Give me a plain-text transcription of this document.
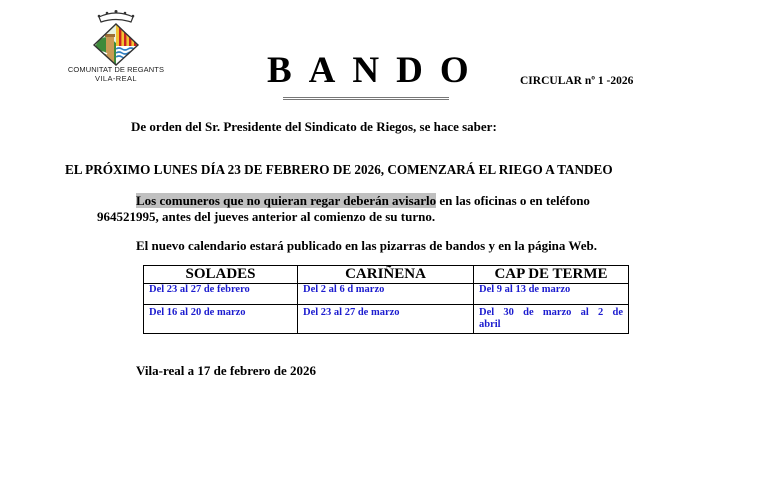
COMUNITAT DE REGANTS
VILA-REAL	BANDO	CIRCULAR nº 1 -2026
De orden del Sr. Presidente del Sindicato de Riegos, se hace saber:
EL PRÓXIMO LUNES DÍA 23 DE FEBRERO DE 2026, COMENZARÁ EL RIEGO A TANDEO
Los comuneros que no quieran regar deberán avisarlo en las oficinas o en teléfono
964521995, antes del jueves anterior al comienzo de su turno.
El nuevo calendario estará publicado en las pizarras de bandos y en la página Web.
SOLADES	CARIÑENA	CAP DE TERME
Del 23 al 27 de febrero	Del 2 al 6 d marzo	Del 9 al 13 de marzo
Del 16 al 20 de marzo	Del 23 al 27 de marzo	Del 30 de marzo al 2 de abril
Vila-real a 17 de febrero de 2026
